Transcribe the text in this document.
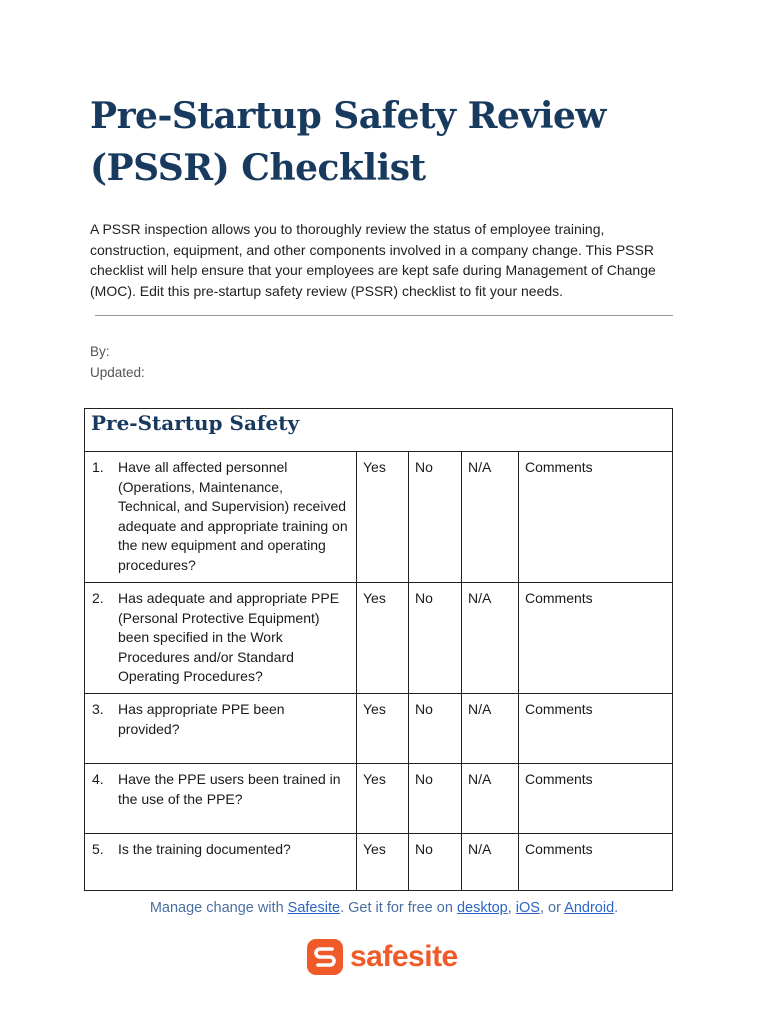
Pre-Startup Safety Review (PSSR) Checklist
A PSSR inspection allows you to thoroughly review the status of employee training, construction, equipment, and other components involved in a company change. This PSSR checklist will help ensure that your employees are kept safe during Management of Change (MOC). Edit this pre-startup safety review (PSSR) checklist to fit your needs.
By:
Updated:
Pre-Startup Safety				

1. Have all affected personnel (Operations, Maintenance, Technical, and Supervision) received adequate and appropriate training on the new equipment and operating procedures?	Yes	No	N/A	Comments

2. Has adequate and appropriate PPE (Personal Protective Equipment) been specified in the Work Procedures and/or Standard Operating Procedures?	Yes	No	N/A	Comments

3. Has appropriate PPE been provided?	Yes	No	N/A	Comments

4. Have the PPE users been trained in the use of the PPE?	Yes	No	N/A	Comments

5. Is the training documented?	Yes	No	N/A	Comments
Manage change with Safesite. Get it for free on desktop, iOS, or Android.
safesite
